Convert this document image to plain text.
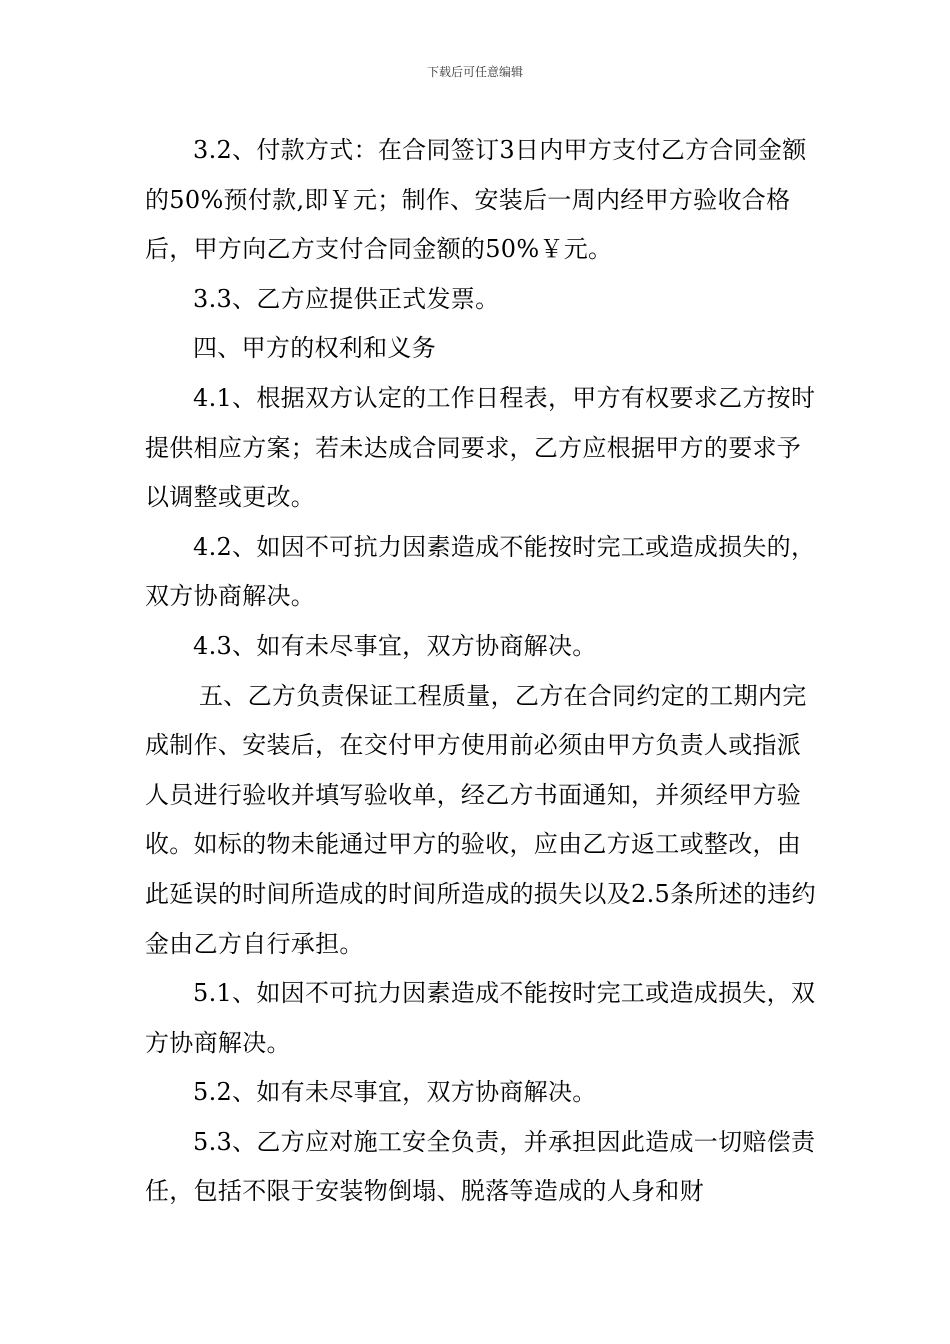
下载后可任意编辑

3.2、付款方式：在合同签订3日内甲方支付乙方合同金额的50%预付款,即￥元；制作、安装后一周内经甲方验收合格后，甲方向乙方支付合同金额的50%￥元。

3.3、乙方应提供正式发票。

四、甲方的权利和义务

4.1、根据双方认定的工作日程表，甲方有权要求乙方按时提供相应方案；若未达成合同要求，乙方应根据甲方的要求予以调整或更改。

4.2、如因不可抗力因素造成不能按时完工或造成损失的，双方协商解决。

4.3、如有未尽事宜，双方协商解决。

五、乙方负责保证工程质量，乙方在合同约定的工期内完成制作、安装后，在交付甲方使用前必须由甲方负责人或指派人员进行验收并填写验收单，经乙方书面通知，并须经甲方验收。如标的物未能通过甲方的验收，应由乙方返工或整改，由此延误的时间所造成的时间所造成的损失以及2.5条所述的违约金由乙方自行承担。

5.1、如因不可抗力因素造成不能按时完工或造成损失，双方协商解决。

5.2、如有未尽事宜，双方协商解决。

5.3、乙方应对施工安全负责，并承担因此造成一切赔偿责任，包括不限于安装物倒塌、脱落等造成的人身和财
